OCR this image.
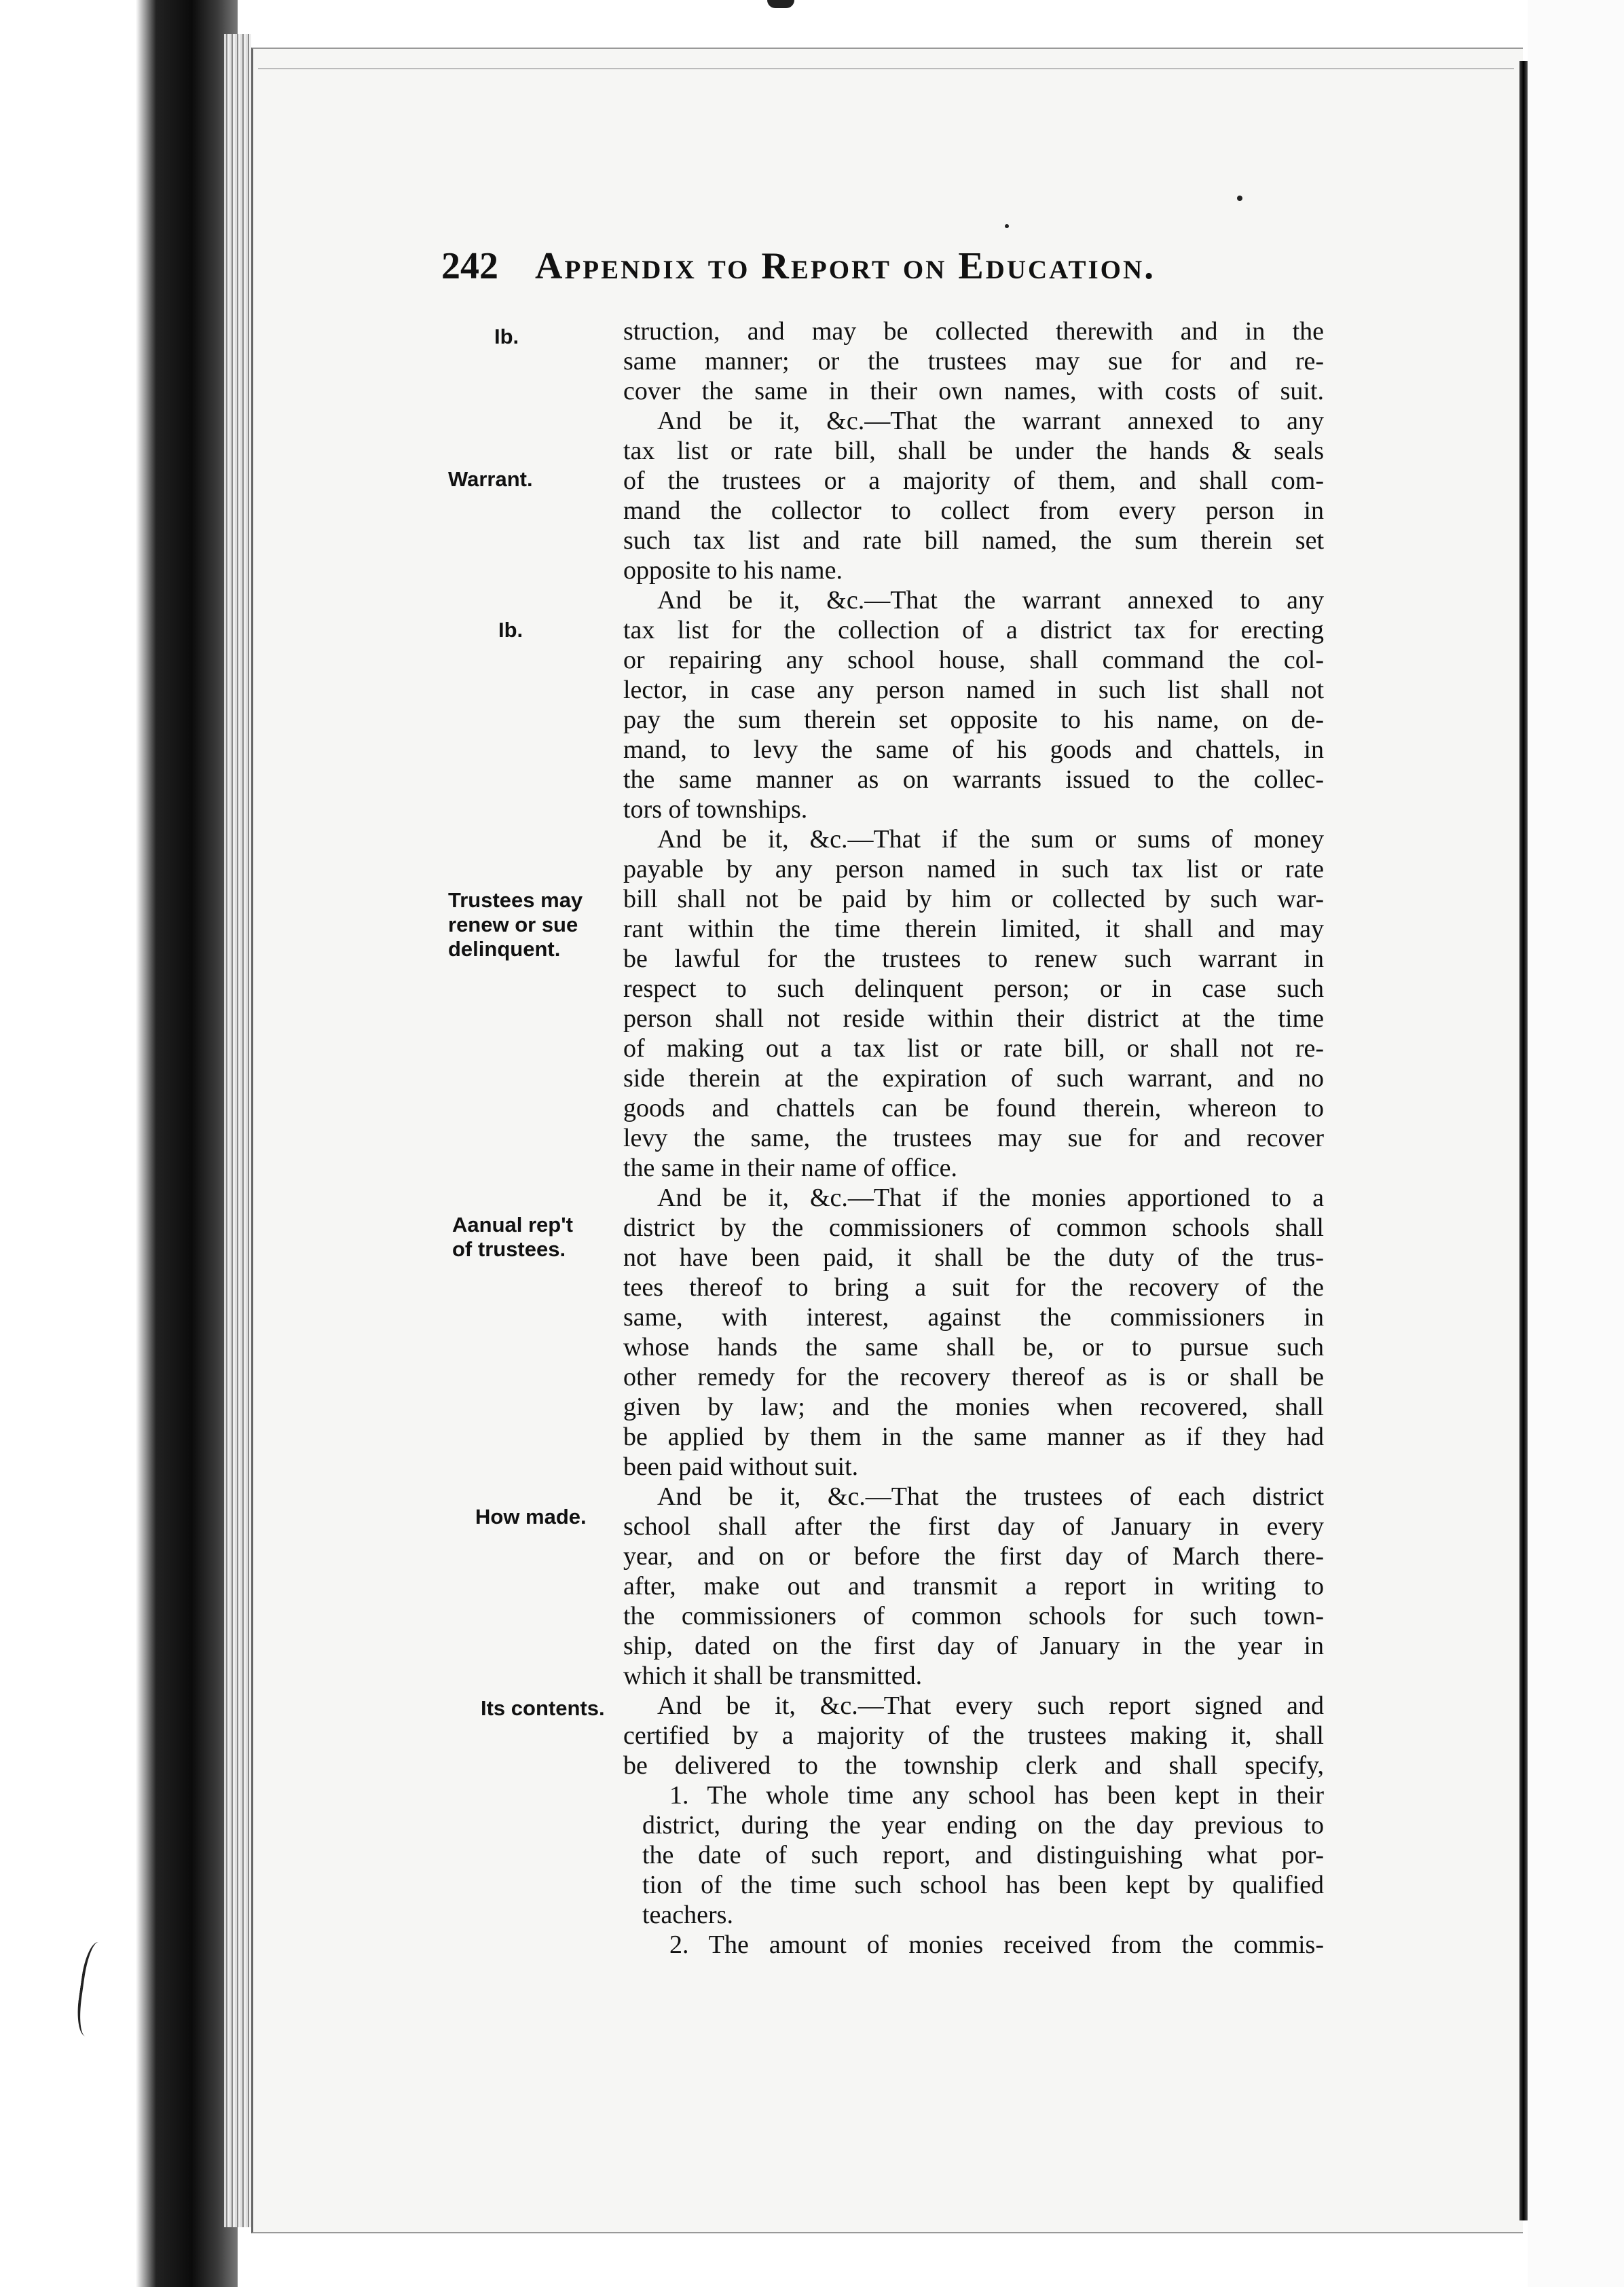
242 Appendix to Report on Education.
Ib.
Warrant.
Ib.
Trustees may
renew or sue
delinquent.
Aanual rep't
of trustees.
How made.
Its contents.
struction, and may be collected therewith and in the
same manner; or the trustees may sue for and re-
cover the same in their own names, with costs of suit.
And be it, &c.—That the warrant annexed to any
tax list or rate bill, shall be under the hands & seals
of the trustees or a majority of them, and shall com-
mand the collector to collect from every person in
such tax list and rate bill named, the sum therein set
opposite to his name.
And be it, &c.—That the warrant annexed to any
tax list for the collection of a district tax for erecting
or repairing any school house, shall command the col-
lector, in case any person named in such list shall not
pay the sum therein set opposite to his name, on de-
mand, to levy the same of his goods and chattels, in
the same manner as on warrants issued to the collec-
tors of townships.
And be it, &c.—That if the sum or sums of money
payable by any person named in such tax list or rate
bill shall not be paid by him or collected by such war-
rant within the time therein limited, it shall and may
be lawful for the trustees to renew such warrant in
respect to such delinquent person; or in case such
person shall not reside within their district at the time
of making out a tax list or rate bill, or shall not re-
side therein at the expiration of such warrant, and no
goods and chattels can be found therein, whereon to
levy the same, the trustees may sue for and recover
the same in their name of office.
And be it, &c.—That if the monies apportioned to a
district by the commissioners of common schools shall
not have been paid, it shall be the duty of the trus-
tees thereof to bring a suit for the recovery of the
same, with interest, against the commissioners in
whose hands the same shall be, or to pursue such
other remedy for the recovery thereof as is or shall be
given by law; and the monies when recovered, shall
be applied by them in the same manner as if they had
been paid without suit.
And be it, &c.—That the trustees of each district
school shall after the first day of January in every
year, and on or before the first day of March there-
after, make out and transmit a report in writing to
the commissioners of common schools for such town-
ship, dated on the first day of January in the year in
which it shall be transmitted.
And be it, &c.—That every such report signed and
certified by a majority of the trustees making it, shall
be delivered to the township clerk and shall specify,
1. The whole time any school has been kept in their
district, during the year ending on the day previous to
the date of such report, and distinguishing what por-
tion of the time such school has been kept by qualified
teachers.
2. The amount of monies received from the commis-
